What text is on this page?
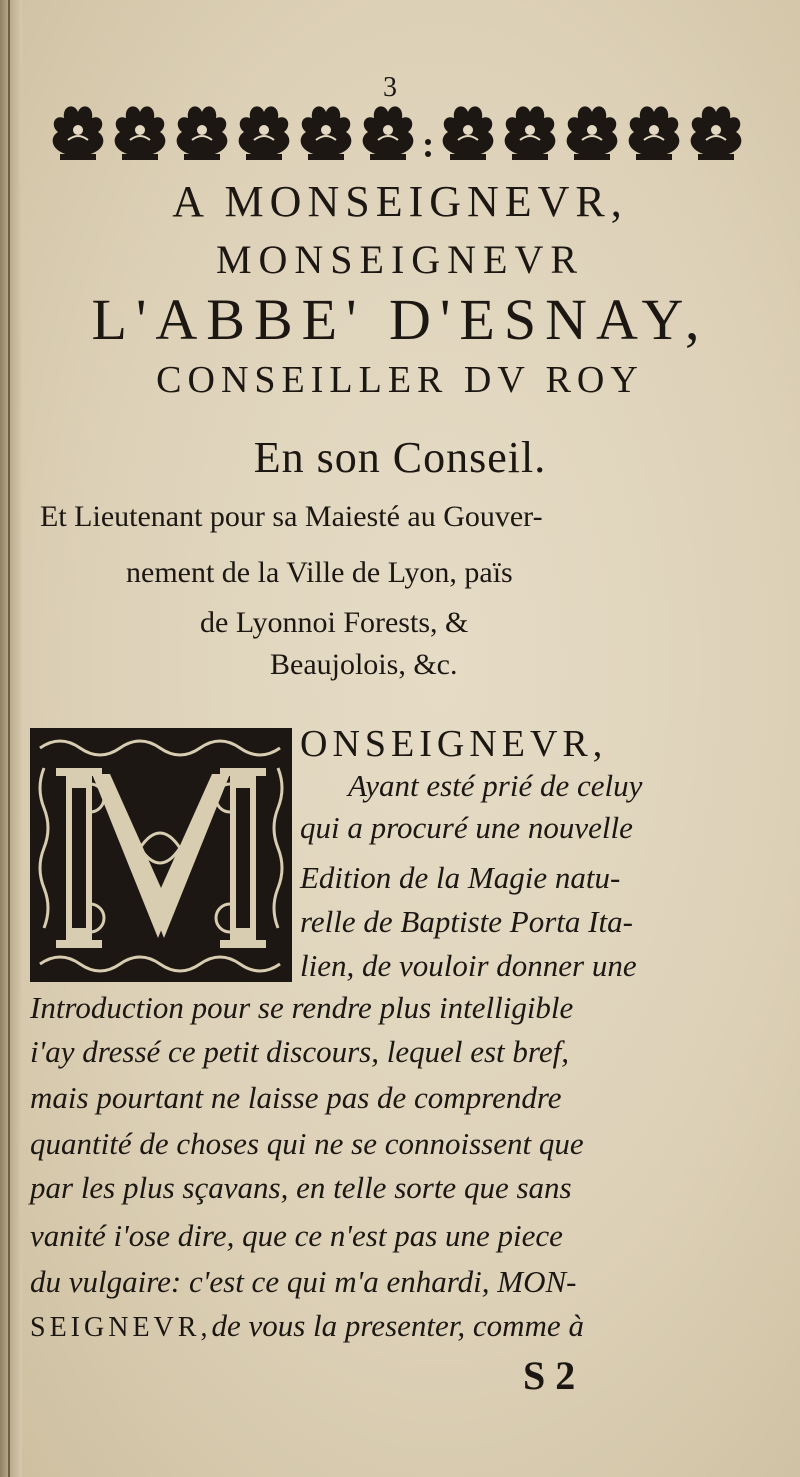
3
A MONSEIGNEVR,
MONSEIGNEVR
L'ABBE' D'ESNAY,
CONSEILLER DV ROY
En son Conseil.
Et Lieutenant pour sa Maiesté au Gouver-
nement de la Ville de Lyon, païs
de Lyonnoi Forests, &
Beaujolois, &c.
ONSEIGNEVR,
Ayant esté prié de celuy
qui a procuré une nouvelle
Edition de la Magie natu-
relle de Baptiste Porta Ita-
lien, de vouloir donner une
Introduction pour se rendre plus intelligible
i'ay dressé ce petit discours, lequel est bref,
mais pourtant ne laisse pas de comprendre
quantité de choses qui ne se connoissent que
par les plus sçavans, en telle sorte que sans
vanité i'ose dire, que ce n'est pas une piece
du vulgaire: c'est ce qui m'a enhardi, MON-
SEIGNEVR,de vous la presenter, comme à
S 2
